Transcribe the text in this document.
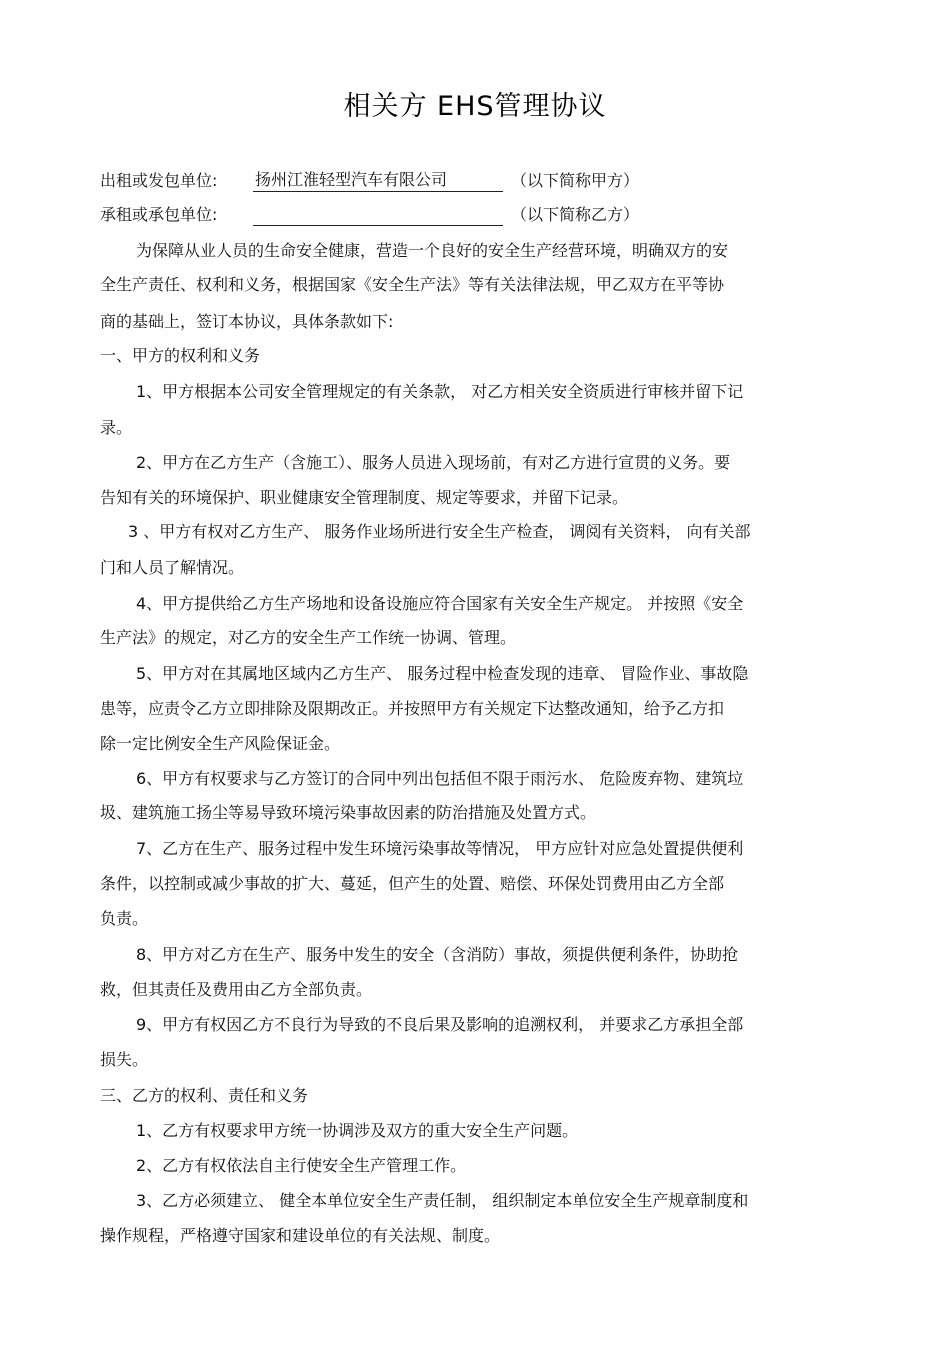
相关方 EHS管理协议
出租或发包单位: 扬州江淮轻型汽车有限公司	（以下简称甲方）
承租或承包单位:	（以下简称乙方）
为保障从业人员的生命安全健康，营造一个良好的安全生产经营环境，明确双方的安
全生产责任、权利和义务，根据国家《安全生产法》等有关法律法规，甲乙双方在平等协
商的基础上，签订本协议，具体条款如下:
一、甲方的权利和义务
1、甲方根据本公司安全管理规定的有关条款， 对乙方相关安全资质进行审核并留下记
录。
2、甲方在乙方生产（含施工）、服务人员进入现场前，有对乙方进行宣贯的义务。要
告知有关的环境保护、职业健康安全管理制度、规定等要求，并留下记录。
3 、甲方有权对乙方生产、 服务作业场所进行安全生产检查， 调阅有关资料， 向有关部
门和人员了解情况。
4、甲方提供给乙方生产场地和设备设施应符合国家有关安全生产规定。 并按照《安全
生产法》的规定，对乙方的安全生产工作统一协调、管理。
5、甲方对在其属地区域内乙方生产、 服务过程中检查发现的违章、 冒险作业、事故隐
患等，应责令乙方立即排除及限期改正。并按照甲方有关规定下达整改通知，给予乙方扣
除一定比例安全生产风险保证金。
6、甲方有权要求与乙方签订的合同中列出包括但不限于雨污水、 危险废弃物、建筑垃
圾、建筑施工扬尘等易导致环境污染事故因素的防治措施及处置方式。
7、乙方在生产、服务过程中发生环境污染事故等情况， 甲方应针对应急处置提供便利
条件，以控制或减少事故的扩大、蔓延，但产生的处置、赔偿、环保处罚费用由乙方全部
负责。
8、甲方对乙方在生产、服务中发生的安全（含消防）事故，须提供便利条件，协助抢
救，但其责任及费用由乙方全部负责。
9、甲方有权因乙方不良行为导致的不良后果及影响的追溯权利， 并要求乙方承担全部
损失。
三、乙方的权利、责任和义务
1、乙方有权要求甲方统一协调涉及双方的重大安全生产问题。
2、乙方有权依法自主行使安全生产管理工作。
3、乙方必须建立、 健全本单位安全生产责任制， 组织制定本单位安全生产规章制度和
操作规程，严格遵守国家和建设单位的有关法规、制度。
